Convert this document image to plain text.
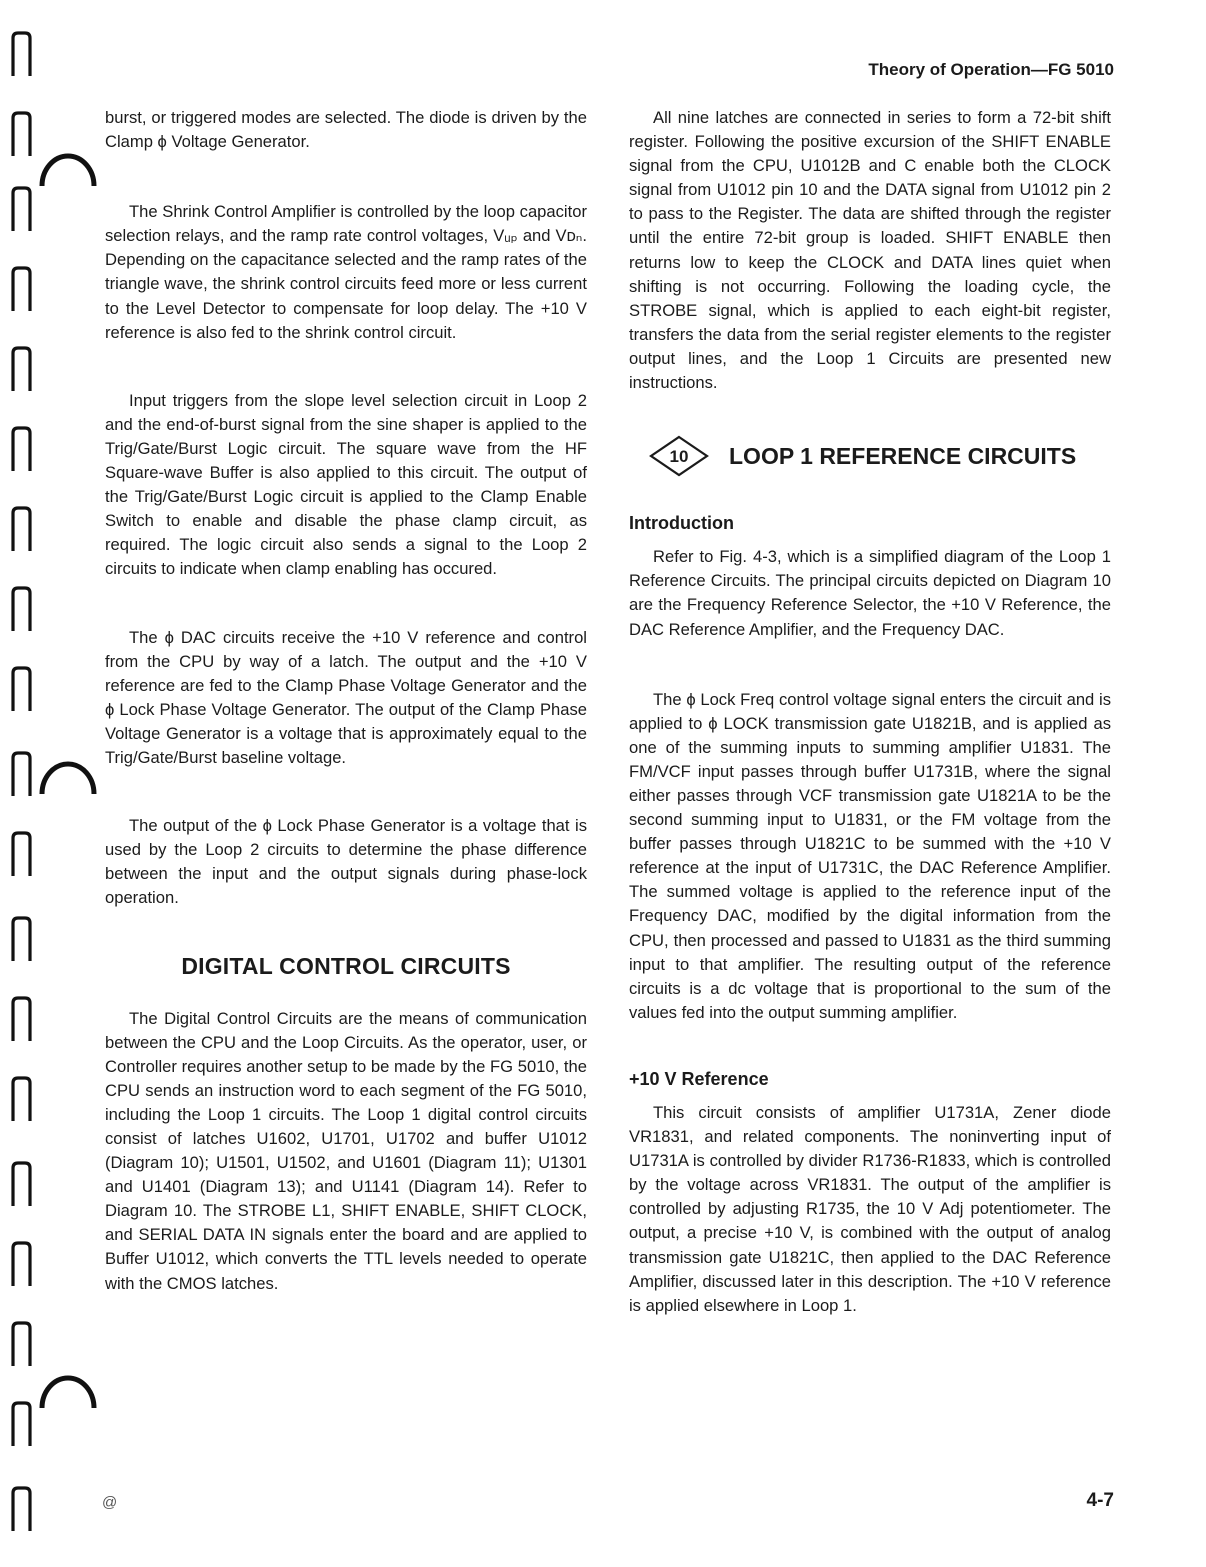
Theory of Operation—FG 5010

burst, or triggered modes are selected. The diode is driven by the Clamp ϕ Voltage Generator.

The Shrink Control Amplifier is controlled by the loop capacitor selection relays, and the ramp rate control voltages, Vᵤₚ and Vᴅₙ. Depending on the capacitance selected and the ramp rates of the triangle wave, the shrink control circuits feed more or less current to the Level Detector to compensate for loop delay. The +10 V reference is also fed to the shrink control circuit.

Input triggers from the slope level selection circuit in Loop 2 and the end-of-burst signal from the sine shaper is applied to the Trig/Gate/Burst Logic circuit. The square wave from the HF Square-wave Buffer is also applied to this circuit. The output of the Trig/Gate/Burst Logic circuit is applied to the Clamp Enable Switch to enable and disable the phase clamp circuit, as required. The logic circuit also sends a signal to the Loop 2 circuits to indicate when clamp enabling has occured.

The ϕ DAC circuits receive the +10 V reference and control from the CPU by way of a latch. The output and the +10 V reference are fed to the Clamp Phase Voltage Generator and the ϕ Lock Phase Voltage Generator. The output of the Clamp Phase Voltage Generator is a voltage that is approximately equal to the Trig/Gate/Burst baseline voltage.

The output of the ϕ Lock Phase Generator is a voltage that is used by the Loop 2 circuits to determine the phase difference between the input and the output signals during phase-lock operation.

DIGITAL CONTROL CIRCUITS

The Digital Control Circuits are the means of communication between the CPU and the Loop Circuits. As the operator, user, or Controller requires another setup to be made by the FG 5010, the CPU sends an instruction word to each segment of the FG 5010, including the Loop 1 circuits. The Loop 1 digital control circuits consist of latches U1602, U1701, U1702 and buffer U1012 (Diagram 10); U1501, U1502, and U1601 (Diagram 11); U1301 and U1401 (Diagram 13); and U1141 (Diagram 14). Refer to Diagram 10. The STROBE L1, SHIFT ENABLE, SHIFT CLOCK, and SERIAL DATA IN signals enter the board and are applied to Buffer U1012, which converts the TTL levels needed to operate with the CMOS latches.

All nine latches are connected in series to form a 72-bit shift register. Following the positive excursion of the SHIFT ENABLE signal from the CPU, U1012B and C enable both the CLOCK signal from U1012 pin 10 and the DATA signal from U1012 pin 2 to pass to the Register. The data are shifted through the register until the entire 72-bit group is loaded. SHIFT ENABLE then returns low to keep the CLOCK and DATA lines quiet when shifting is not occurring. Following the loading cycle, the STROBE signal, which is applied to each eight-bit register, transfers the data from the serial register elements to the register output lines, and the Loop 1 Circuits are presented new instructions.

10 LOOP 1 REFERENCE CIRCUITS
Introduction

Refer to Fig. 4-3, which is a simplified diagram of the Loop 1 Reference Circuits. The principal circuits depicted on Diagram 10 are the Frequency Reference Selector, the +10 V Reference, the DAC Reference Amplifier, and the Frequency DAC.

The ϕ Lock Freq control voltage signal enters the circuit and is applied to ϕ LOCK transmission gate U1821B, and is applied as one of the summing inputs to summing amplifier U1831. The FM/VCF input passes through buffer U1731B, where the signal either passes through VCF transmission gate U1821A to be the second summing input to U1831, or the FM voltage from the buffer passes through U1821C to be summed with the +10 V reference at the input of U1731C, the DAC Reference Amplifier. The summed voltage is applied to the reference input of the Frequency DAC, modified by the digital information from the CPU, then processed and passed to U1831 as the third summing input to that amplifier. The resulting output of the reference circuits is a dc voltage that is proportional to the sum of the values fed into the output summing amplifier.

+10 V Reference

This circuit consists of amplifier U1731A, Zener diode VR1831, and related components. The noninverting input of U1731A is controlled by divider R1736-R1833, which is controlled by the voltage across VR1831. The output of the amplifier is controlled by adjusting R1735, the 10 V Adj potentiometer. The output, a precise +10 V, is combined with the output of analog transmission gate U1821C, then applied to the DAC Reference Amplifier, discussed later in this description. The +10 V reference is applied elsewhere in Loop 1.

@	4-7
